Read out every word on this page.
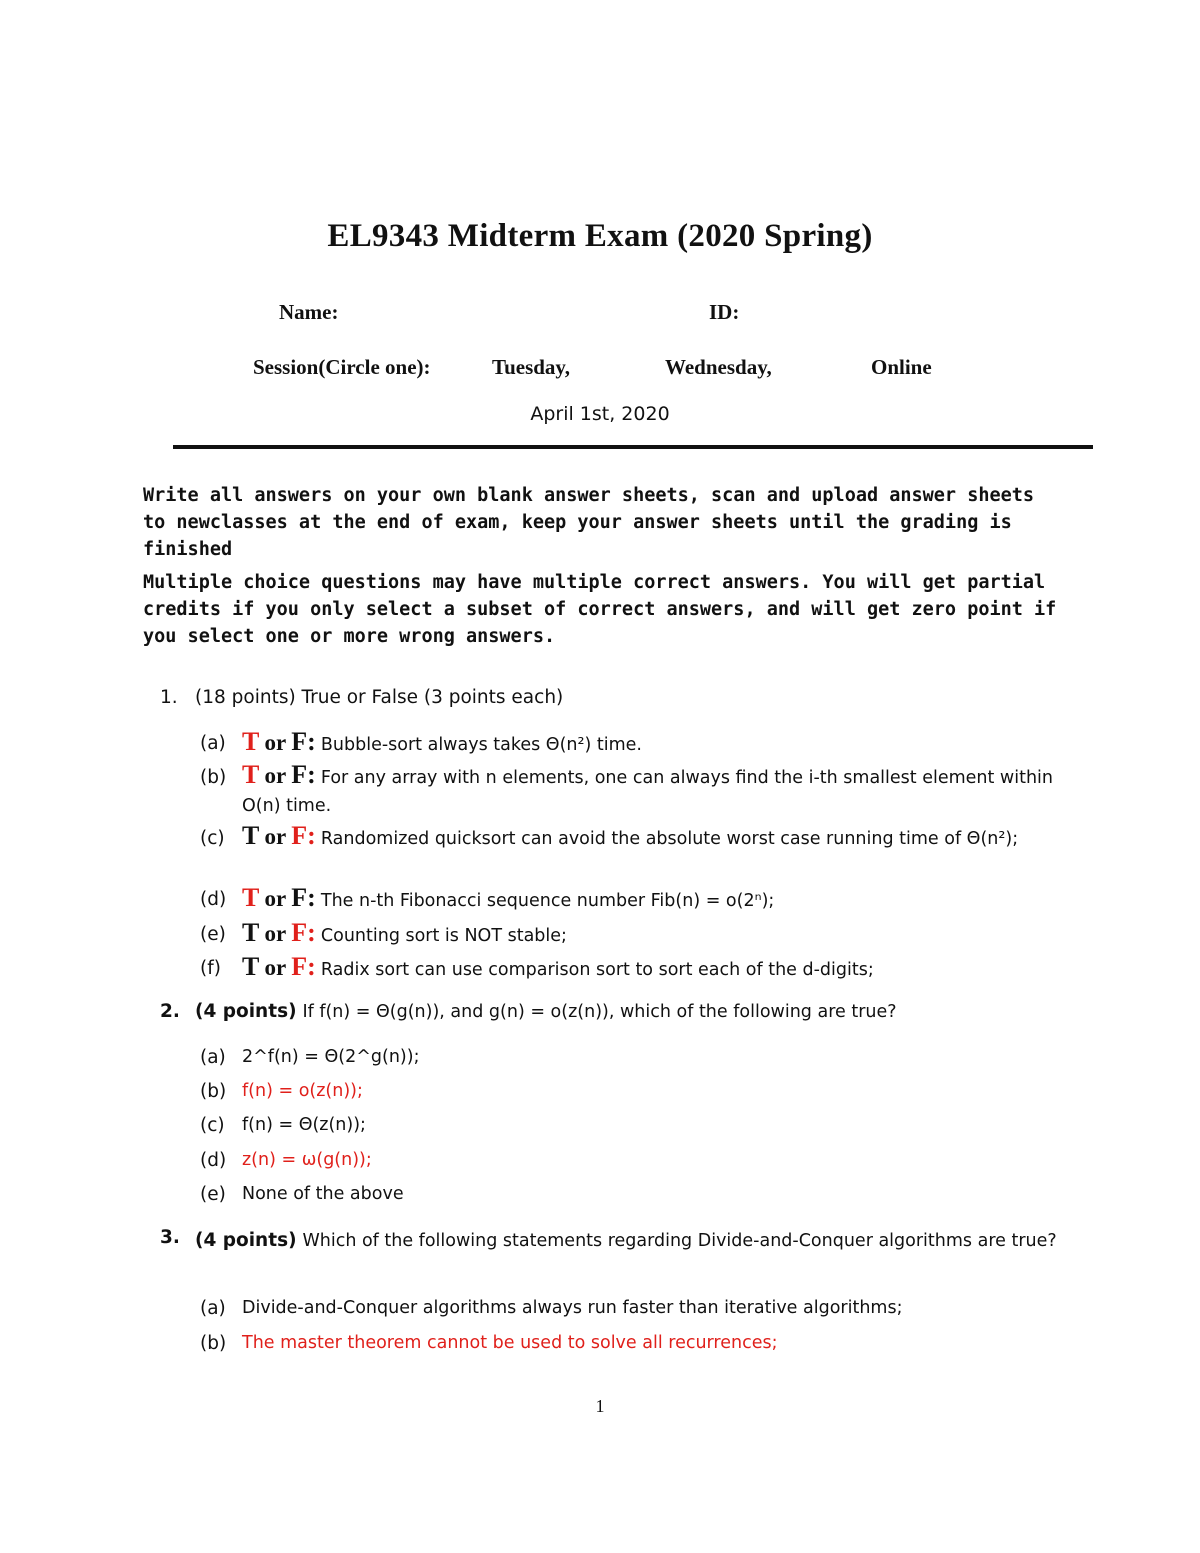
EL9343 Midterm Exam (2020 Spring)
Name:	ID:
Session(Circle one):	Tuesday,	Wednesday,	Online
April 1st, 2020
Write all answers on your own blank answer sheets, scan and upload answer sheets to newclasses at the end of exam, keep your answer sheets until the grading is finished
Multiple choice questions may have multiple correct answers. You will get partial credits if you only select a subset of correct answers, and will get zero point if you select one or more wrong answers.
1. (18 points) True or False (3 points each)
(a) T or F: Bubble-sort always takes Θ(n²) time.
(b) T or F: For any array with n elements, one can always find the i-th smallest element within O(n) time.
(c) T or F: Randomized quicksort can avoid the absolute worst case running time of Θ(n²);
(d) T or F: The n-th Fibonacci sequence number Fib(n) = o(2ⁿ);
(e) T or F: Counting sort is NOT stable;
(f) T or F: Radix sort can use comparison sort to sort each of the d-digits;
2. (4 points) If f(n) = Θ(g(n)), and g(n) = o(z(n)), which of the following are true?
(a) 2^f(n) = Θ(2^g(n));
(b) f(n) = o(z(n));
(c) f(n) = Θ(z(n));
(d) z(n) = ω(g(n));
(e) None of the above
3. (4 points) Which of the following statements regarding Divide-and-Conquer algorithms are true?
(a) Divide-and-Conquer algorithms always run faster than iterative algorithms;
(b) The master theorem cannot be used to solve all recurrences;
1
